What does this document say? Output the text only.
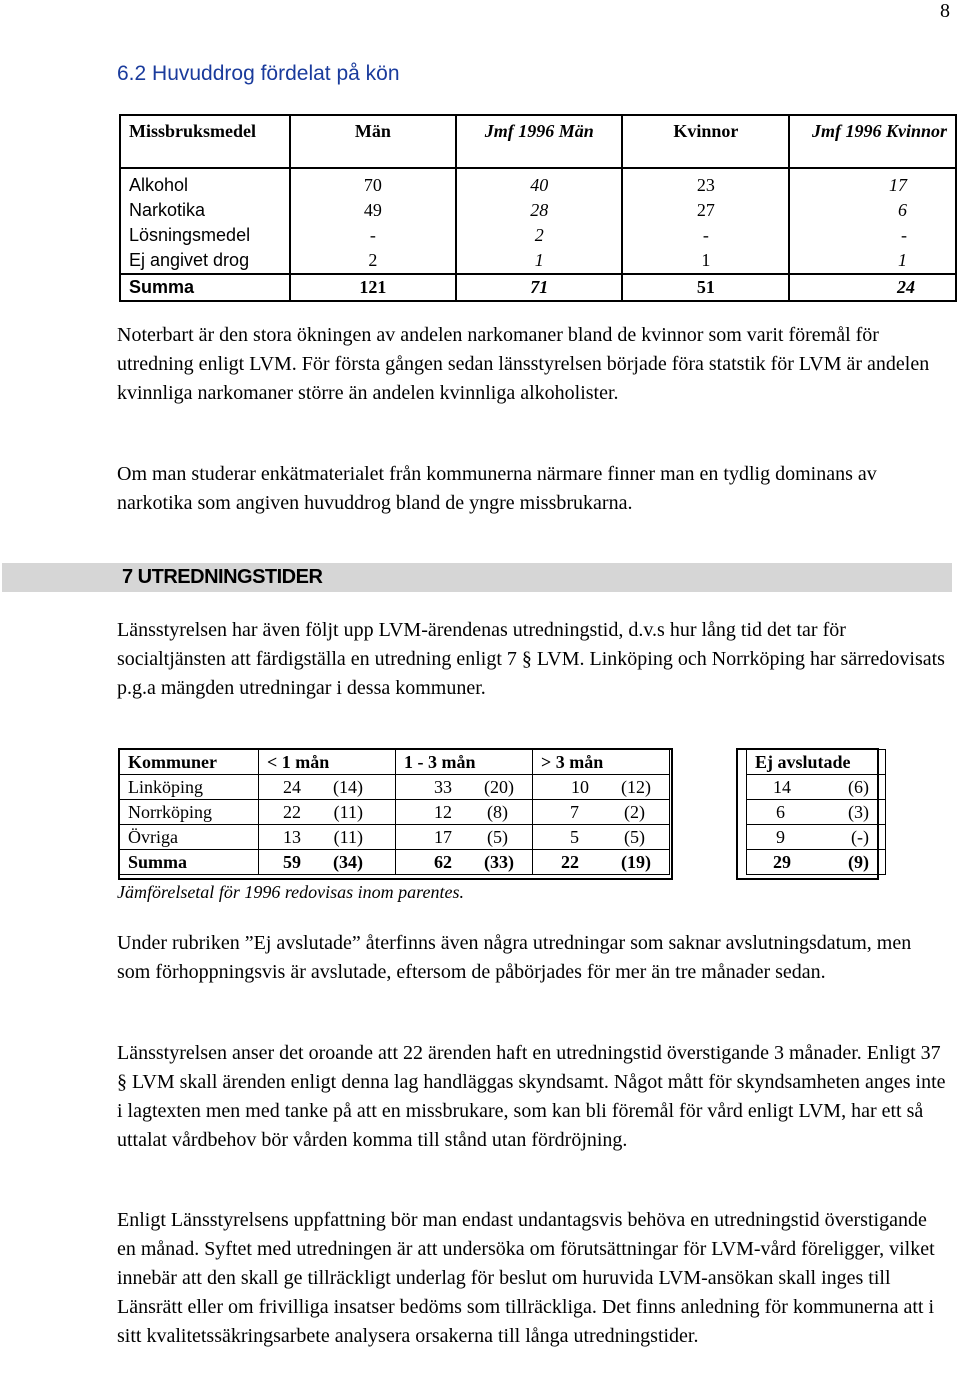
8
6.2 Huvuddrog fördelat på kön
Missbruksmedel	Män	Jmf 1996 Män	Kvinnor	Jmf 1996 Kvinnor
Alkohol	70	40	23	17
Narkotika	49	28	27	6
Lösningsmedel	-	2	-	-
Ej angivet drog	2	1	1	1
Summa	121	71	51	24

Noterbart är den stora ökningen av andelen narkomaner bland de kvinnor som varit föremål för utredning enligt LVM. För första gången sedan länsstyrelsen började föra statstik för LVM är andelen kvinnliga narkomaner större än andelen kvinnliga alkoholister.

Om man studerar enkätmaterialet från kommunerna närmare finner man en tydlig dominans av narkotika som angiven huvuddrog bland de yngre missbrukarna.

7 UTREDNINGSTIDER

Länsstyrelsen har även följt upp LVM-ärendenas utredningstid, d.v.s hur lång tid det tar för socialtjänsten att färdigställa en utredning enligt 7 § LVM. Linköping och Norrköping har särredovisats p.g.a mängden utredningar i dessa kommuner.

Kommuner	< 1 mån	1 - 3 mån	> 3 mån		Ej avslutade
Linköping	24 (14)	33 (20)	10 (12)		14 (6)

Norrköping	22 (11)	12 (8)	7 (2)		6 (3)

Övriga	13 (11)	17 (5)	5 (5)		9 (-)

Summa	59 (34)	62 (33)	22 (19)		29 (9)
Jämförelsetal för 1996 redovisas inom parentes.

Under rubriken ”Ej avslutade” återfinns även några utredningar som saknar avslutningsdatum, men som förhoppningsvis är avslutade, eftersom de påbörjades för mer än tre månader sedan.

Länsstyrelsen anser det oroande att 22 ärenden haft en utredningstid överstigande 3 månader. Enligt 37 § LVM skall ärenden enligt denna lag handläggas skyndsamt. Något mått för skyndsamheten anges inte i lagtexten men med tanke på att en missbrukare, som kan bli föremål för vård enligt LVM, har ett så uttalat vårdbehov bör vården komma till stånd utan fördröjning.

Enligt Länsstyrelsens uppfattning bör man endast undantagsvis behöva en utredningstid överstigande en månad. Syftet med utredningen är att undersöka om förutsättningar för LVM-vård föreligger, vilket innebär att den skall ge tillräckligt underlag för beslut om huruvida LVM-ansökan skall inges till Länsrätt eller om frivilliga insatser bedöms som tillräckliga. Det finns anledning för kommunerna att i sitt kvalitetssäkringsarbete analysera orsakerna till långa utredningstider.
